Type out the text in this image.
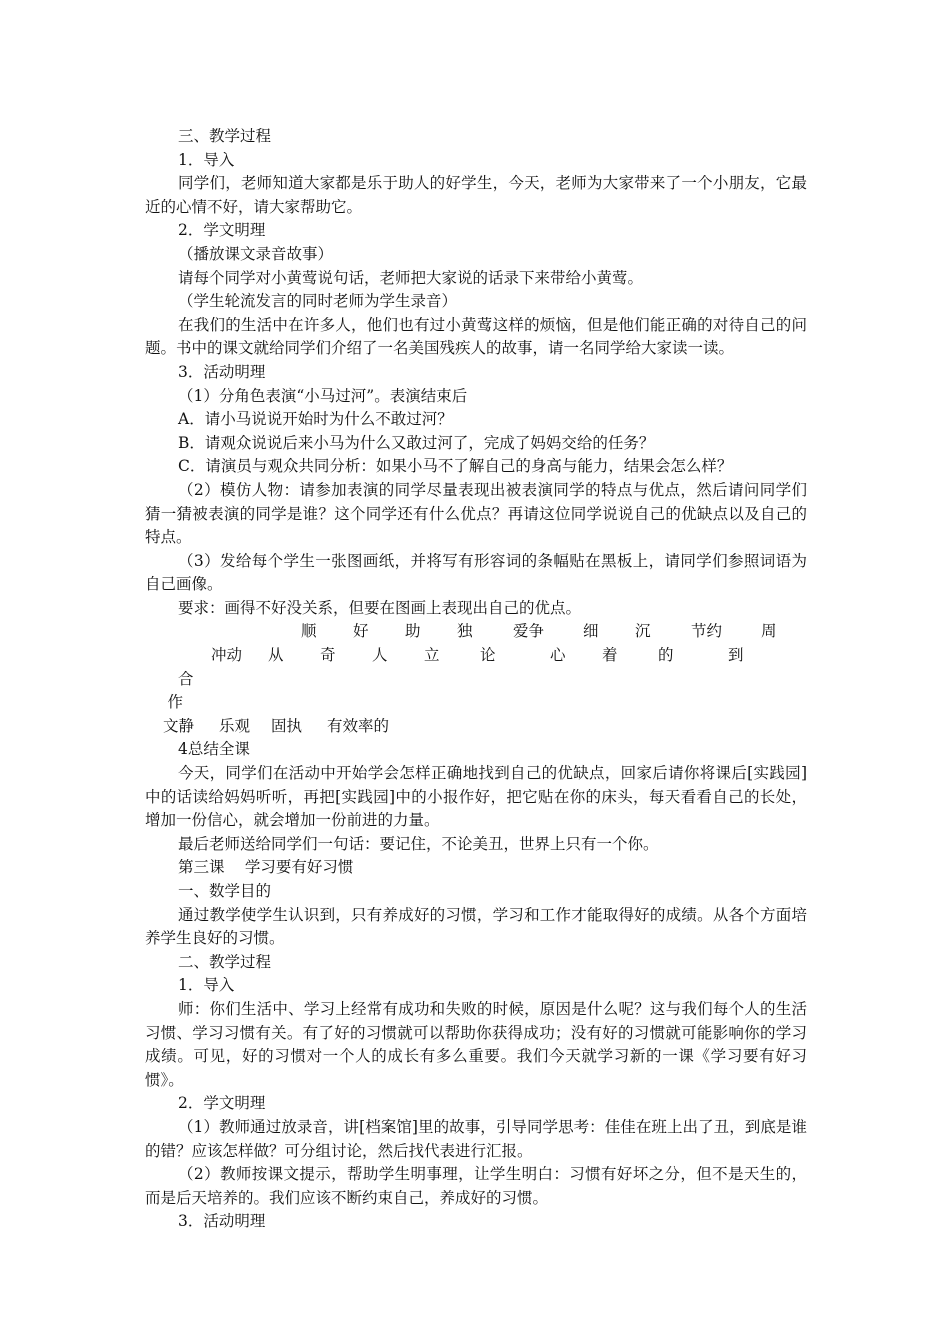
三、教学过程

1．导入

同学们，老师知道大家都是乐于助人的好学生，今天，老师为大家带来了一个小朋友，它最近的心情不好，请大家帮助它。

2．学文明理

（播放课文录音故事）

请每个同学对小黄莺说句话，老师把大家说的话录下来带给小黄莺。

（学生轮流发言的同时老师为学生录音）

在我们的生活中在许多人，他们也有过小黄莺这样的烦恼，但是他们能正确的对待自己的问题。书中的课文就给同学们介绍了一名美国残疾人的故事，请一名同学给大家读一读。

3．活动明理

（1）分角色表演“小马过河”。表演结束后

A．请小马说说开始时为什么不敢过河？

B．请观众说说后来小马为什么又敢过河了，完成了妈妈交给的任务？

C．请演员与观众共同分析：如果小马不了解自己的身高与能力，结果会怎么样？

（2）模仿人物：请参加表演的同学尽量表现出被表演同学的特点与优点，然后请问同学们猜一猜被表演的同学是谁？这个同学还有什么优点？再请这位同学说说自己的优缺点以及自己的特点。

（3）发给每个学生一张图画纸，并将写有形容词的条幅贴在黑板上，请同学们参照词语为自己画像。

要求：画得不好没关系，但要在图画上表现出自己的优点。

冲动顺从好奇助人独立爱争论细心沉着节约的周到合作

文静 乐观 固执 有效率的

4总结全课

今天，同学们在活动中开始学会怎样正确地找到自己的优缺点，回家后请你将课后[实践园]中的话读给妈妈听听，再把[实践园]中的小报作好，把它贴在你的床头，每天看看自己的长处，增加一份信心，就会增加一份前进的力量。

最后老师送给同学们一句话：要记住，不论美丑，世界上只有一个你。

第三课　 学习要有好习惯

一、数学目的

通过教学使学生认识到，只有养成好的习惯，学习和工作才能取得好的成绩。从各个方面培养学生良好的习惯。

二、教学过程

1．导入

师：你们生活中、学习上经常有成功和失败的时候，原因是什么呢？这与我们每个人的生活习惯、学习习惯有关。有了好的习惯就可以帮助你获得成功；没有好的习惯就可能影响你的学习成绩。可见，好的习惯对一个人的成长有多么重要。我们今天就学习新的一课《学习要有好习惯》。

2．学文明理

（1）教师通过放录音，讲[档案馆]里的故事，引导同学思考：佳佳在班上出了丑，到底是谁的错？应该怎样做？可分组讨论，然后找代表进行汇报。

（2）教师按课文提示，帮助学生明事理，让学生明白：习惯有好坏之分，但不是天生的，而是后天培养的。我们应该不断约束自己，养成好的习惯。

3．活动明理
